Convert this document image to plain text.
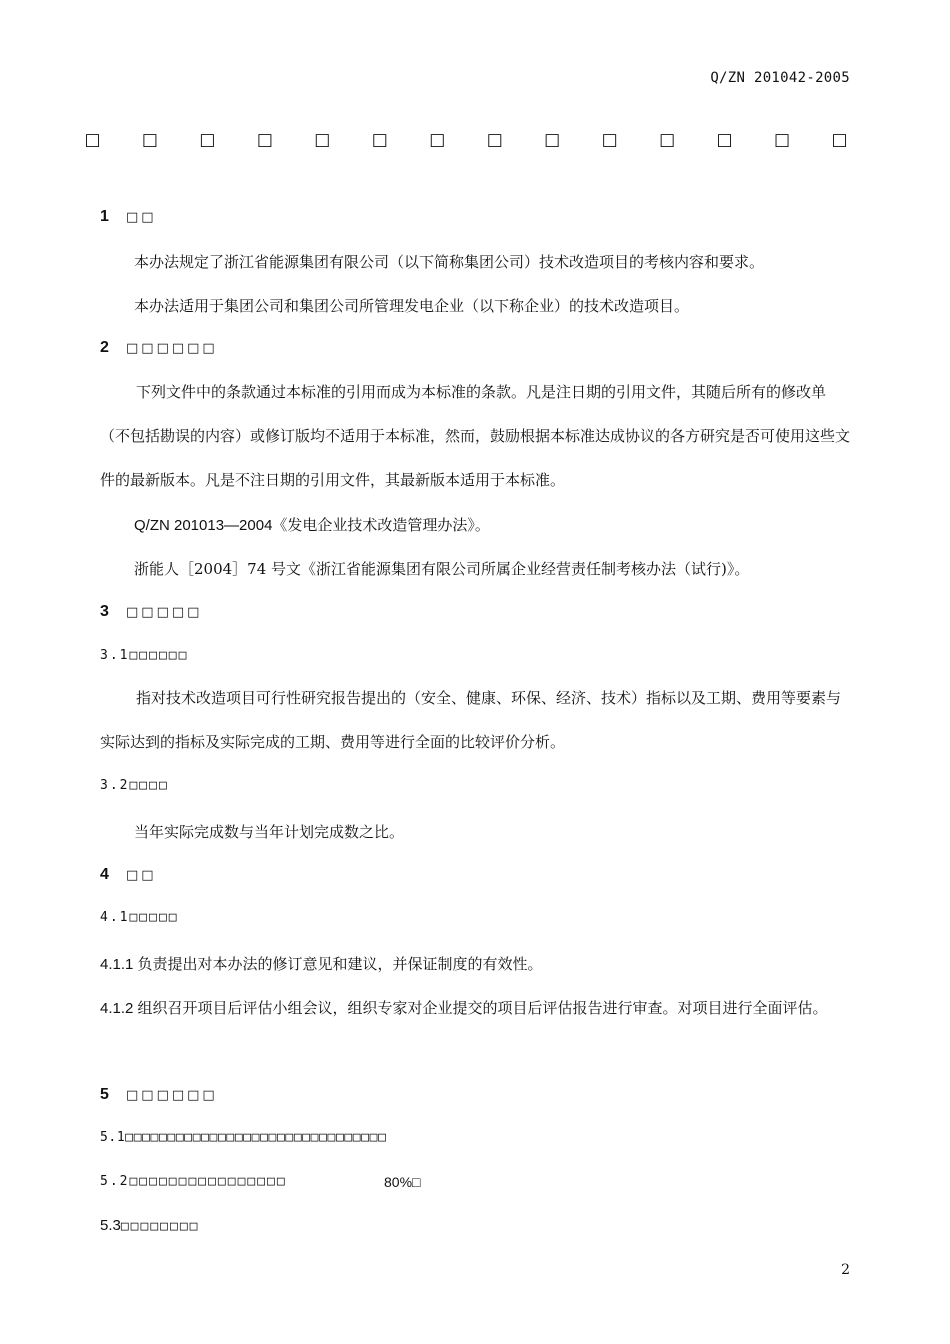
Q/ZN 201042-2005
□ □ □ □ □ □ □ □ □ □ □ □ □ □
1 □□
本办法规定了浙江省能源集团有限公司（以下简称集团公司）技术改造项目的考核内容和要求。
本办法适用于集团公司和集团公司所管理发电企业（以下称企业）的技术改造项目。
2 □□□□□□
下列文件中的条款通过本标准的引用而成为本标准的条款。凡是注日期的引用文件，其随后所有的修改单（不包括勘误的内容）或修订版均不适用于本标准，然而，鼓励根据本标准达成协议的各方研究是否可使用这些文件的最新版本。凡是不注日期的引用文件，其最新版本适用于本标准。
Q/ZN 201013—2004《发电企业技术改造管理办法》。
浙能人［2004］74 号文《浙江省能源集团有限公司所属企业经营责任制考核办法（试行)》。
3 □□□□□
3.1□□□□□□
指对技术改造项目可行性研究报告提出的（安全、健康、环保、经济、技术）指标以及工期、费用等要素与实际达到的指标及实际完成的工期、费用等进行全面的比较评价分析。
3.2□□□□
当年实际完成数与当年计划完成数之比。
4 □□
4.1□□□□□
4.1.1 负责提出对本办法的修订意见和建议，并保证制度的有效性。
4.1.2 组织召开项目后评估小组会议，组织专家对企业提交的项目后评估报告进行审查。对项目进行全面评估。
5 □□□□□□
5.1□□□□□□□□□□□□□□□□□□□□□□□□□□□□□□□
5.2□□□□□□□□□□□□□□□□	80%□
5.3□□□□□□□□
2
